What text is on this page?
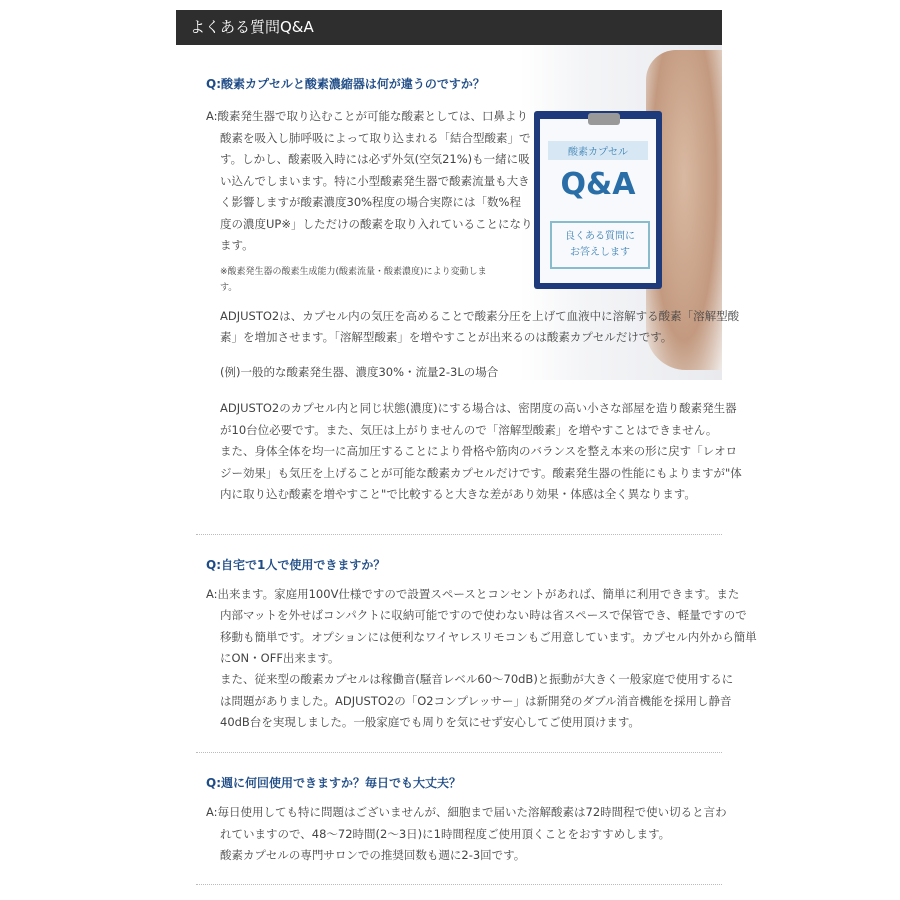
よくある質問Q&A
酸素カプセル
Q&A
良くある質問に
お答えします
Q:酸素カプセルと酸素濃縮器は何が違うのですか？
A:酸素発生器で取り込むことが可能な酸素としては、口鼻より
酸素を吸入し肺呼吸によって取り込まれる「結合型酸素」で
す。しかし、酸素吸入時には必ず外気(空気21%)も一緒に吸
い込んでしまいます。特に小型酸素発生器で酸素流量も大き
く影響しますが酸素濃度30%程度の場合実際には「数%程
度の濃度UP※」しただけの酸素を取り入れていることになり
ます。
※酸素発生器の酸素生成能力(酸素流量・酸素濃度)により変動しま
す。
ADJUSTO2は、カプセル内の気圧を高めることで酸素分圧を上げて血液中に溶解する酸素「溶解型酸
素」を増加させます。「溶解型酸素」を増やすことが出来るのは酸素カプセルだけです。
(例)一般的な酸素発生器、濃度30%・流量2-3Lの場合
ADJUSTO2のカプセル内と同じ状態(濃度)にする場合は、密閉度の高い小さな部屋を造り酸素発生器
が10台位必要です。また、気圧は上がりませんので「溶解型酸素」を増やすことはできません。
また、身体全体を均一に高加圧することにより骨格や筋肉のバランスを整え本来の形に戻す「レオロ
ジー効果」も気圧を上げることが可能な酸素カプセルだけです。酸素発生器の性能にもよりますが"体
内に取り込む酸素を増やすこと"で比較すると大きな差があり効果・体感は全く異なります。
Q:自宅で1人で使用できますか？
A:出来ます。家庭用100V仕様ですので設置スペースとコンセントがあれば、簡単に利用できます。また
内部マットを外せばコンパクトに収納可能ですので使わない時は省スペースで保管でき、軽量ですので
移動も簡単です。オプションには便利なワイヤレスリモコンもご用意しています。カプセル内外から簡単
にON・OFF出来ます。
また、従来型の酸素カプセルは稼働音(騒音レベル60～70dB)と振動が大きく一般家庭で使用するに
は問題がありました。ADJUSTO2の「O2コンプレッサー」は新開発のダブル消音機能を採用し静音
40dB台を実現しました。一般家庭でも周りを気にせず安心してご使用頂けます。
Q:週に何回使用できますか？毎日でも大丈夫？
A:毎日使用しても特に問題はございませんが、細胞まで届いた溶解酸素は72時間程で使い切ると言わ
れていますので、48～72時間(2～3日)に1時間程度ご使用頂くことをおすすめします。
酸素カプセルの専門サロンでの推奨回数も週に2-3回です。
